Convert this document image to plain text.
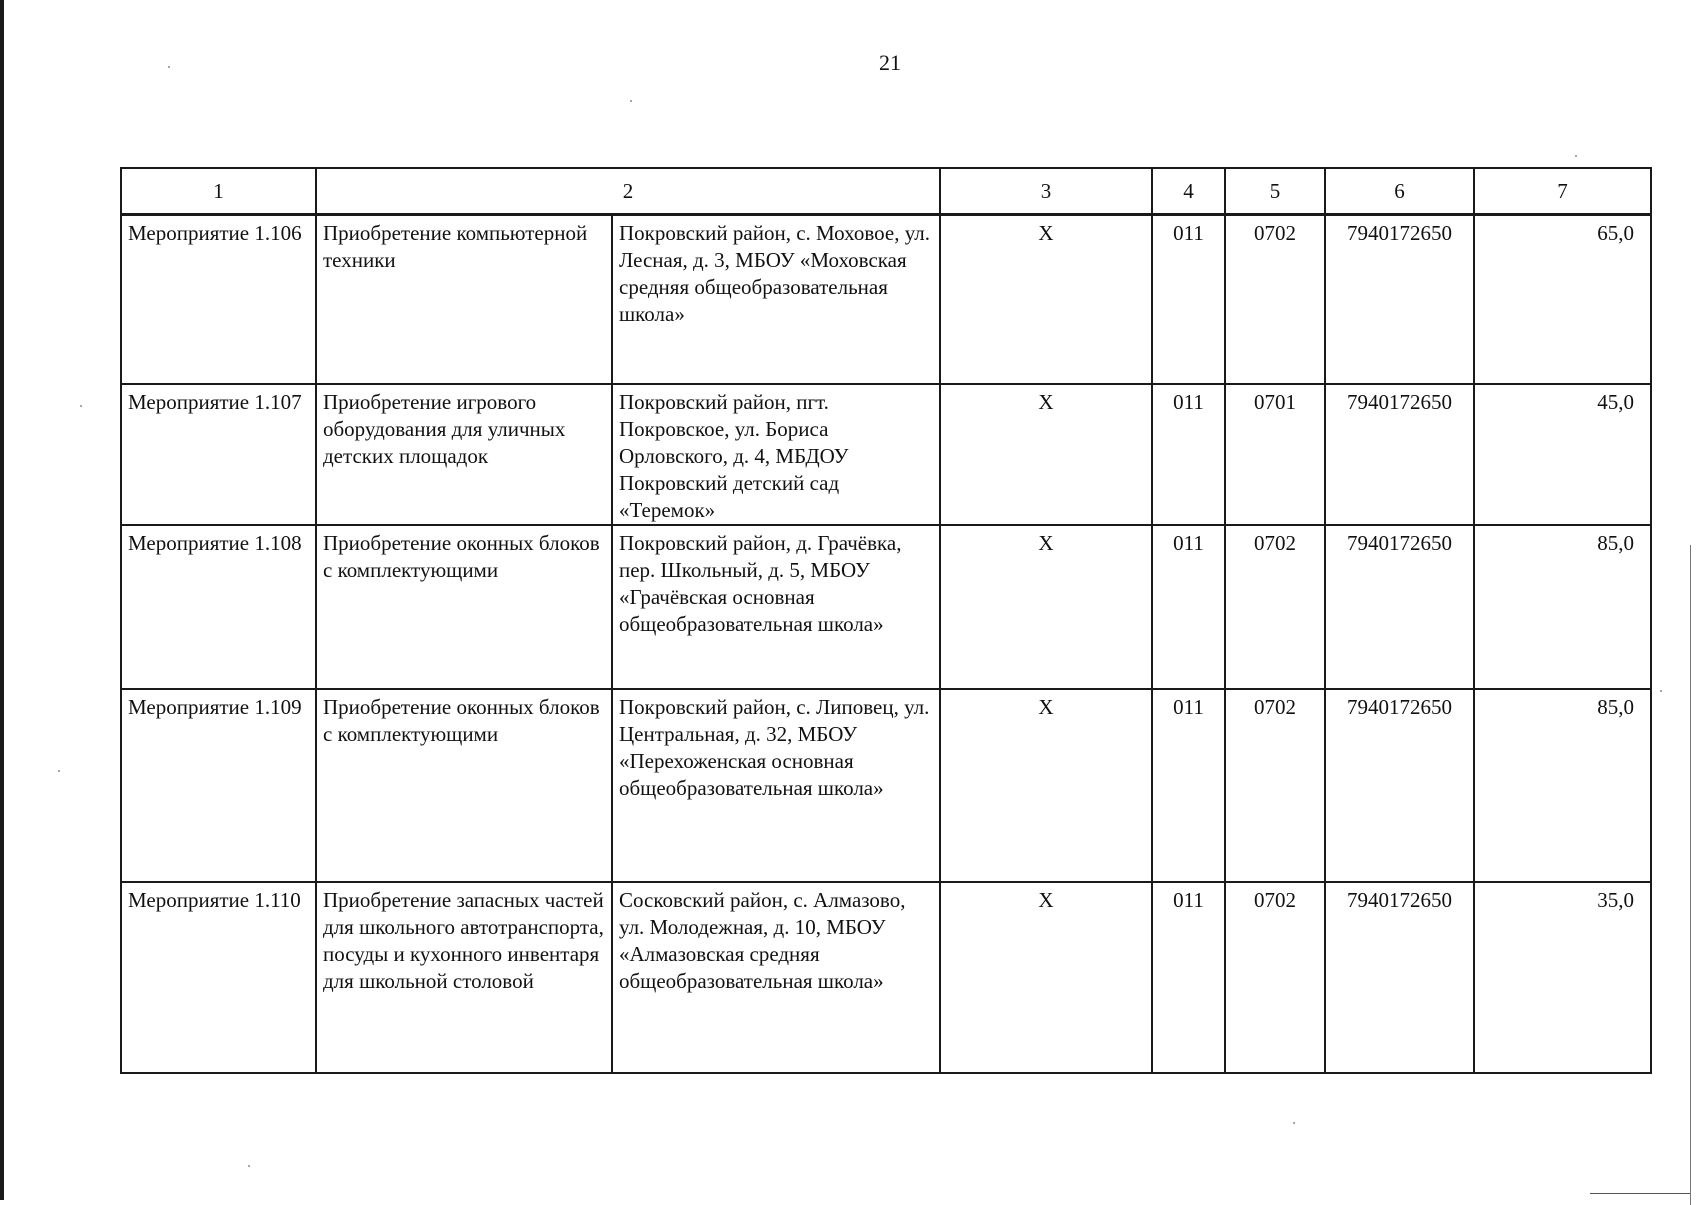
21
1	2		3	4	5	6	7
Мероприятие 1.106	Приобретение компьютерной техники	Покровский район, с. Моховое, ул. Лесная, д. 3, МБОУ «Моховская средняя общеобразовательная школа»	X	011	0702	7940172650	65,0
Мероприятие 1.107	Приобретение игрового оборудования для уличных детских площадок	Покровский район, пгт. Покровское, ул. Бориса Орловского, д. 4, МБДОУ Покровский детский сад «Теремок»	X	011	0701	7940172650	45,0
Мероприятие 1.108	Приобретение оконных блоков с комплектующими	Покровский район, д. Грачёвка, пер. Школьный, д. 5, МБОУ «Грачёвская основная общеобразовательная школа»	X	011	0702	7940172650	85,0
Мероприятие 1.109	Приобретение оконных блоков с комплектующими	Покровский район, с. Липовец, ул. Центральная, д. 32, МБОУ «Перехоженская основная общеобразовательная школа»	X	011	0702	7940172650	85,0
Мероприятие 1.110	Приобретение запасных частей для школьного автотранспорта, посуды и кухонного инвентаря для школьной столовой	Сосковский район, с. Алмазово, ул. Молодежная, д. 10, МБОУ «Алмазовская средняя общеобразовательная школа»	X	011	0702	7940172650	35,0
